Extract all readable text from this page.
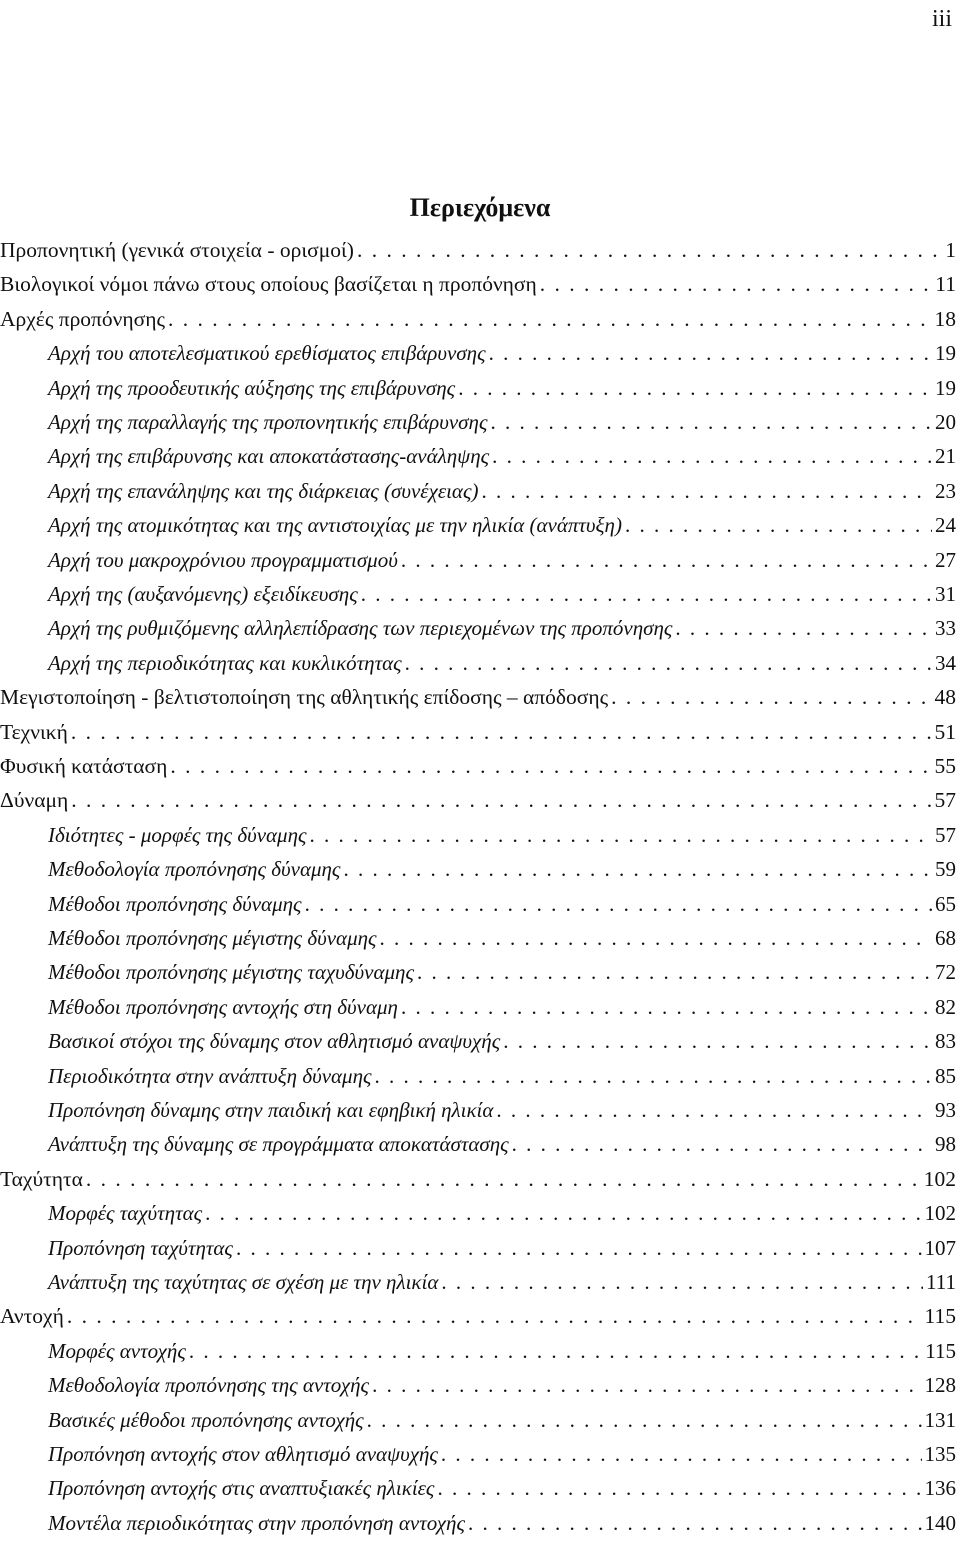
iii
Περιεχόμενα
Προπονητική (γενικά στοιχεία - ορισμοί) . . .	1
Βιολογικοί νόμοι πάνω στους οποίους βασίζεται η προπόνηση . . .	11
Αρχές προπόνησης . . .	18
Αρχή του αποτελεσματικού ερεθίσματος επιβάρυνσης . . .	19
Αρχή της προοδευτικής αύξησης της επιβάρυνσης . . .	19
Αρχή της παραλλαγής της προπονητικής επιβάρυνσης . . .	20
Αρχή της επιβάρυνσης και αποκατάστασης-ανάληψης . . .	21
Αρχή της επανάληψης και της διάρκειας (συνέχειας) . . .	23
Αρχή της ατομικότητας και της αντιστοιχίας με την ηλικία (ανάπτυξη) . . .	24
Αρχή του μακροχρόνιου προγραμματισμού . . .	27
Αρχή της (αυξανόμενης) εξειδίκευσης . . .	31
Αρχή της ρυθμιζόμενης αλληλεπίδρασης των περιεχομένων της προπόνησης . . .	33
Αρχή της περιοδικότητας και κυκλικότητας . . .	34
Μεγιστοποίηση - βελτιστοποίηση της αθλητικής επίδοσης – απόδοσης . . .	48
Τεχνική . . .	51
Φυσική κατάσταση . . .	55
Δύναμη . . .	57
Ιδιότητες - μορφές της δύναμης . . .	57
Μεθοδολογία προπόνησης δύναμης . . .	59
Μέθοδοι προπόνησης δύναμης . . .	65
Μέθοδοι προπόνησης μέγιστης δύναμης . . .	68
Μέθοδοι προπόνησης μέγιστης ταχυδύναμης . . .	72
Μέθοδοι προπόνησης αντοχής στη δύναμη . . .	82
Βασικοί στόχοι της δύναμης στον αθλητισμό αναψυχής . . .	83
Περιοδικότητα στην ανάπτυξη δύναμης . . .	85
Προπόνηση δύναμης στην παιδική και εφηβική ηλικία . . .	93
Ανάπτυξη της δύναμης σε προγράμματα αποκατάστασης . . .	98
Ταχύτητα . . .	102
Μορφές ταχύτητας . . .	102
Προπόνηση ταχύτητας . . .	107
Ανάπτυξη της ταχύτητας σε σχέση με την ηλικία . . .	111
Αντοχή . . .	115
Μορφές αντοχής . . .	115
Μεθοδολογία προπόνησης της αντοχής . . .	128
Βασικές μέθοδοι προπόνησης αντοχής . . .	131
Προπόνηση αντοχής στον αθλητισμό αναψυχής . . .	135
Προπόνηση αντοχής στις αναπτυξιακές ηλικίες . . .	136
Μοντέλα περιοδικότητας στην προπόνηση αντοχής . . .	140
